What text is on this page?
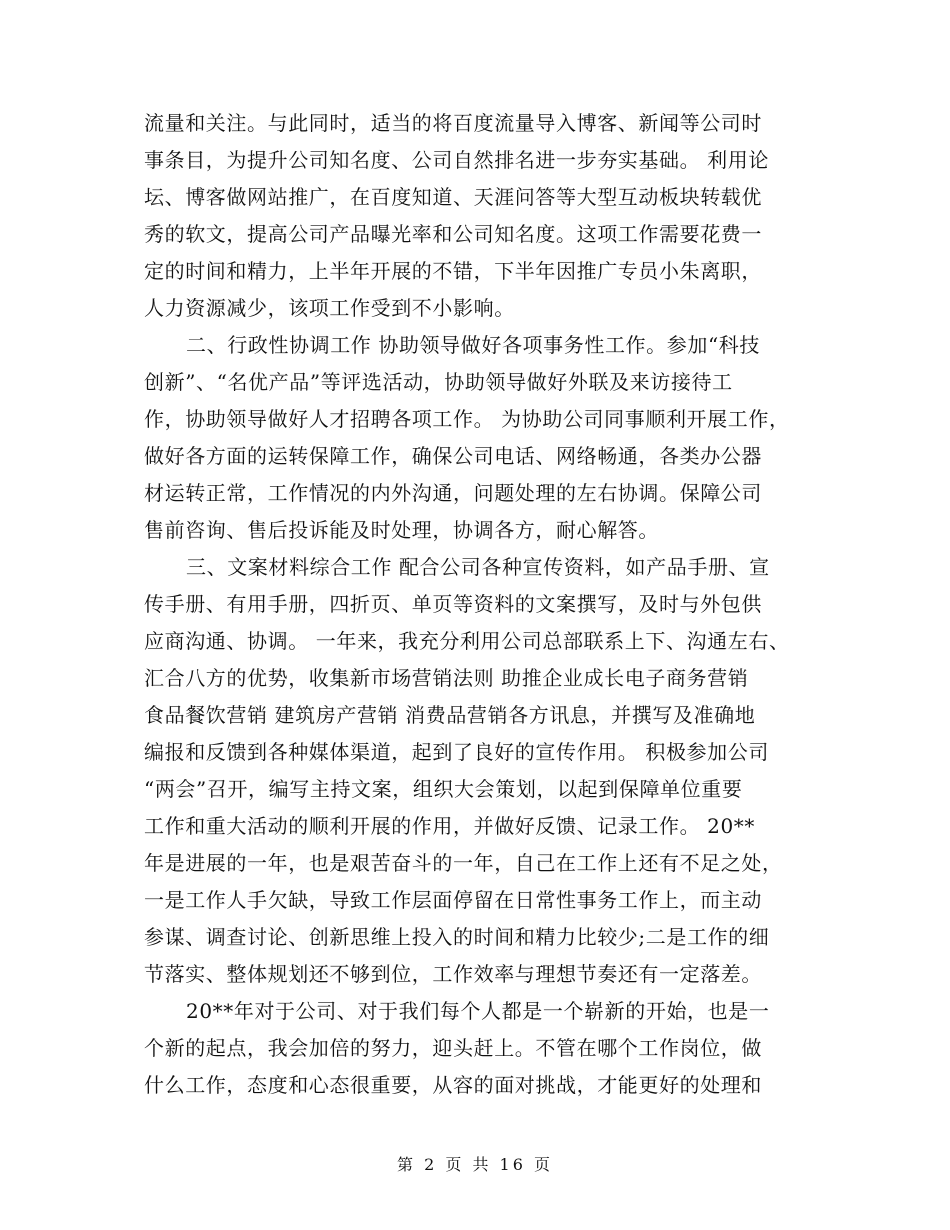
流量和关注。与此同时，适当的将百度流量导入博客、新闻等公司时
事条目，为提升公司知名度、公司自然排名进一步夯实基础。 利用论
坛、博客做网站推广，在百度知道、天涯问答等大型互动板块转载优
秀的软文，提高公司产品曝光率和公司知名度。这项工作需要花费一
定的时间和精力，上半年开展的不错，下半年因推广专员小朱离职，
人力资源减少，该项工作受到不小影响。
二、行政性协调工作 协助领导做好各项事务性工作。参加“科技
创新”、“名优产品”等评选活动，协助领导做好外联及来访接待工
作，协助领导做好人才招聘各项工作。 为协助公司同事顺利开展工作，
做好各方面的运转保障工作，确保公司电话、网络畅通，各类办公器
材运转正常，工作情况的内外沟通，问题处理的左右协调。保障公司
售前咨询、售后投诉能及时处理，协调各方，耐心解答。
三、文案材料综合工作 配合公司各种宣传资料，如产品手册、宣
传手册、有用手册，四折页、单页等资料的文案撰写，及时与外包供
应商沟通、协调。 一年来，我充分利用公司总部联系上下、沟通左右、
汇合八方的优势，收集新市场营销法则 助推企业成长电子商务营销
食品餐饮营销 建筑房产营销 消费品营销各方讯息，并撰写及准确地
编报和反馈到各种媒体渠道，起到了良好的宣传作用。 积极参加公司
“两会”召开，编写主持文案，组织大会策划，以起到保障单位重要
工作和重大活动的顺利开展的作用，并做好反馈、记录工作。 20**
年是进展的一年，也是艰苦奋斗的一年，自己在工作上还有不足之处，
一是工作人手欠缺，导致工作层面停留在日常性事务工作上，而主动
参谋、调查讨论、创新思维上投入的时间和精力比较少;二是工作的细
节落实、整体规划还不够到位，工作效率与理想节奏还有一定落差。
20**年对于公司、对于我们每个人都是一个崭新的开始，也是一
个新的起点，我会加倍的努力，迎头赶上。不管在哪个工作岗位，做
什么工作，态度和心态很重要，从容的面对挑战，才能更好的处理和
第 2 页 共 16 页
